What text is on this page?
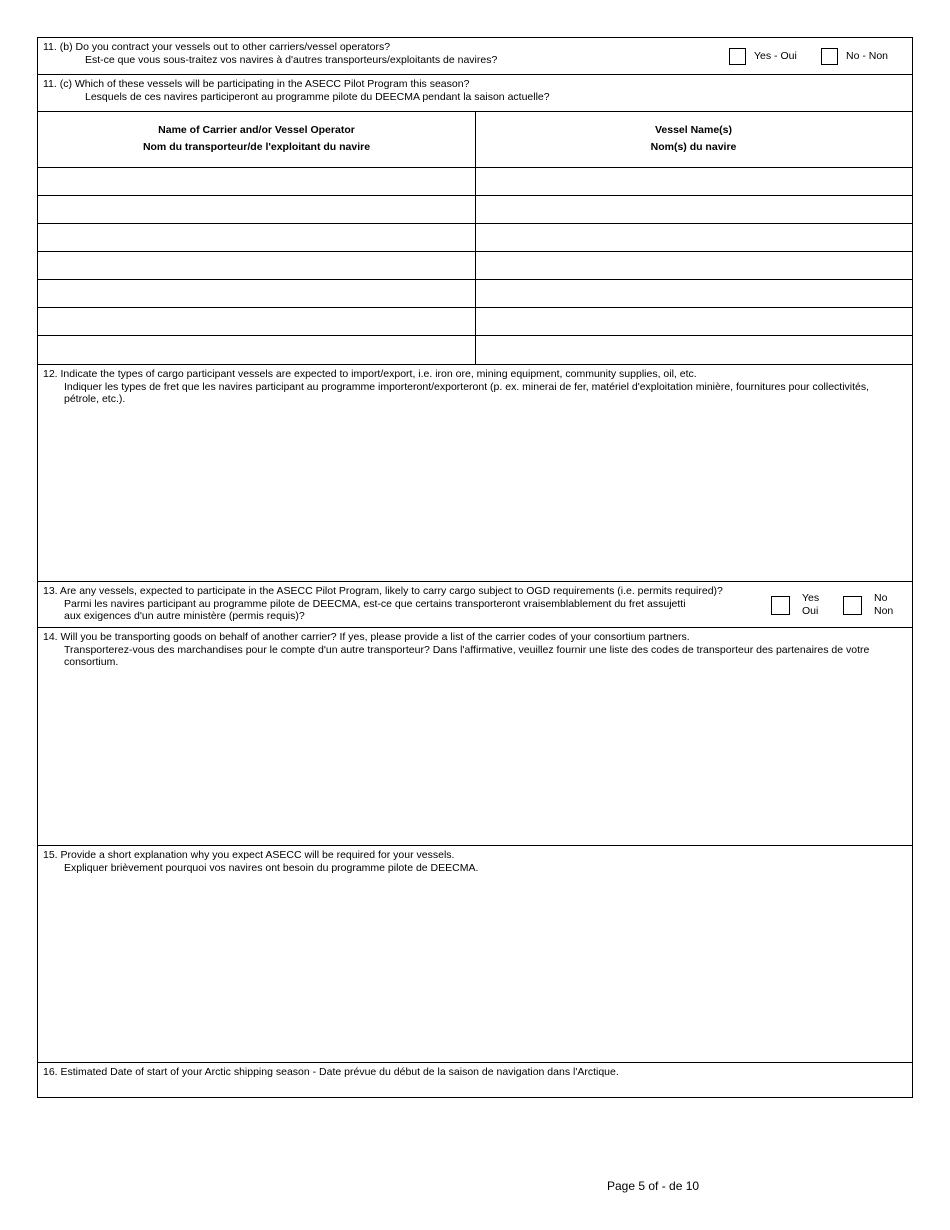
11. (b) Do you contract your vessels out to other carriers/vessel operators?
Est-ce que vous sous-traitez vos navires à d'autres transporteurs/exploitants de navires?	Yes - Oui	No - Non
11. (c) Which of these vessels will be participating in the ASECC Pilot Program this season?
Lesquels de ces navires participeront au programme pilote du DEECMA pendant la saison actuelle?
Name of Carrier and/or Vessel Operator
Nom du transporteur/de l'exploitant du navire
Vessel Name(s)
Nom(s) du navire
12. Indicate the types of cargo participant vessels are expected to import/export, i.e. iron ore, mining equipment, community supplies, oil, etc.
Indiquer les types de fret que les navires participant au programme importeront/exporteront (p. ex. minerai de fer, matériel d'exploitation minière, fournitures pour collectivités,
pétrole, etc.).
13. Are any vessels, expected to participate in the ASECC Pilot Program, likely to carry cargo subject to OGD requirements (i.e. permits required)?
Parmi les navires participant au programme pilote de DEECMA, est-ce que certains transporteront vraisemblablement du fret assujetti
aux exigences d'un autre ministère (permis requis)?
Yes
Oui
No
Non
14. Will you be transporting goods on behalf of another carrier? If yes, please provide a list of the carrier codes of your consortium partners.
Transporterez-vous des marchandises pour le compte d'un autre transporteur? Dans l'affirmative, veuillez fournir une liste des codes de transporteur des partenaires de votre
consortium.
15. Provide a short explanation why you expect ASECC will be required for your vessels.
Expliquer brièvement pourquoi vos navires ont besoin du programme pilote de DEECMA.
16. Estimated Date of start of your Arctic shipping season - Date prévue du début de la saison de navigation dans l'Arctique.
Page 5 of - de 10
